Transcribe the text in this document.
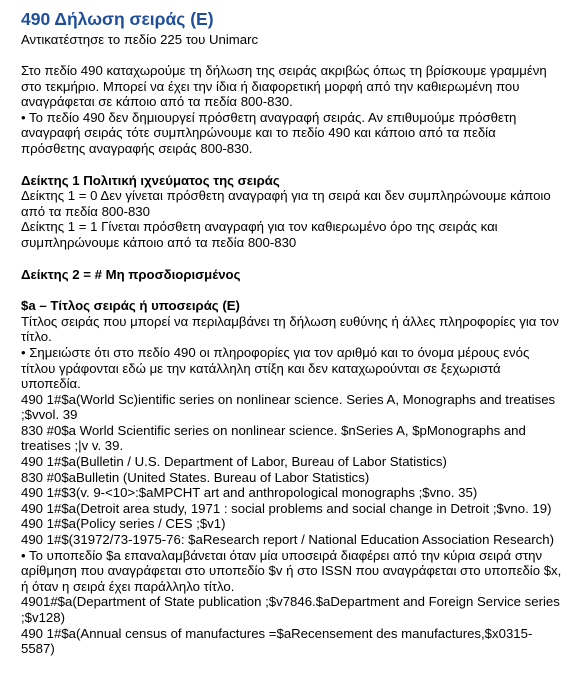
490 Δήλωση σειράς (Ε)

Αντικατέστησε το πεδίο 225 του Unimarc

Στο πεδίο 490 καταχωρούμε τη δήλωση της σειράς ακριβώς όπως τη βρίσκουμε γραμμένη στο τεκμήριο. Μπορεί να έχει την ίδια ή διαφορετική μορφή από την καθιερωμένη που αναγράφεται σε κάποιο από τα πεδία 800-830.

• Το πεδίο 490 δεν δημιουργεί πρόσθετη αναγραφή σειράς. Αν επιθυμούμε πρόσθετη αναγραφή σειράς τότε συμπληρώνουμε και το πεδίο 490 και κάποιο από τα πεδία πρόσθετης αναγραφής σειράς 800-830.

Δείκτης 1 Πολιτική ιχνεύματος της σειράς

Δείκτης 1 = 0 Δεν γίνεται πρόσθετη αναγραφή για τη σειρά και δεν συμπληρώνουμε κάποιο από τα πεδία 800-830

Δείκτης 1 = 1 Γίνεται πρόσθετη αναγραφή για τον καθιερωμένο όρο της σειράς και συμπληρώνουμε κάποιο από τα πεδία 800-830

Δείκτης 2 = # Μη προσδιορισμένος

$a – Τίτλος σειράς ή υποσειράς (Ε)

Τίτλος σειράς που μπορεί να περιλαμβάνει τη δήλωση ευθύνης ή άλλες πληροφορίες για τον τίτλο.

• Σημειώστε ότι στο πεδίο 490 οι πληροφορίες για τον αριθμό και το όνομα μέρους ενός τίτλου γράφονται εδώ με την κατάλληλη στίξη και δεν καταχωρούνται σε ξεχωριστά υποπεδία.

490 1#$a(World Sc)ientific series on nonlinear science. Series A, Monographs and treatises ;$vvol. 39

830 #0$a World Scientific series on nonlinear science. $nSeries A, $pMonographs and treatises ;|v v. 39.

490 1#$a(Bulletin / U.S. Department of Labor, Bureau of Labor Statistics)

830 #0$aBulletin (United States. Bureau of Labor Statistics)

490 1#$3(v. 9-<10>:$aMPCHT art and anthropological monographs ;$vno. 35)

490 1#$a(Detroit area study, 1971 : social problems and social change in Detroit ;$vno. 19)

490 1#$a(Policy series / CES ;$v1)

490 1#$(31972/73-1975-76: $aResearch report / National Education Association Research)

• Το υποπεδίο $a επαναλαμβάνεται όταν μία υποσειρά διαφέρει από την κύρια σειρά στην αρίθμηση που αναγράφεται στο υποπεδίο $v ή στο ISSN που αναγράφεται στο υποπεδίο $x, ή όταν η σειρά έχει παράλληλο τίτλο.

4901#$a(Department of State publication ;$v7846.$aDepartment and Foreign Service series ;$v128)

490 1#$a(Annual census of manufactures =$aRecensement des manufactures,$x0315-5587)
